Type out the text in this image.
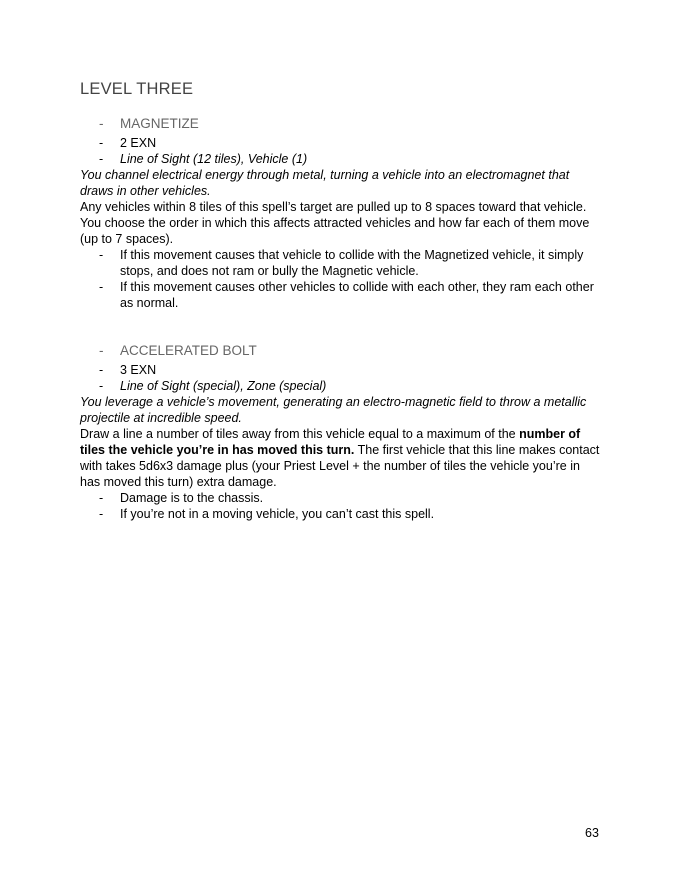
LEVEL THREE
- MAGNETIZE
- 2 EXN
- Line of Sight (12 tiles), Vehicle (1)

You channel electrical energy through metal, turning a vehicle into an electromagnet that draws in other vehicles.

Any vehicles within 8 tiles of this spell’s target are pulled up to 8 spaces toward that vehicle. You choose the order in which this affects attracted vehicles and how far each of them move (up to 7 spaces).

- If this movement causes that vehicle to collide with the Magnetized vehicle, it simply stops, and does not ram or bully the Magnetic vehicle.
- If this movement causes other vehicles to collide with each other, they ram each other as normal.
- ACCELERATED BOLT
- 3 EXN
- Line of Sight (special), Zone (special)

You leverage a vehicle’s movement, generating an electro-magnetic field to throw a metallic projectile at incredible speed.

Draw a line a number of tiles away from this vehicle equal to a maximum of the number of tiles the vehicle you’re in has moved this turn. The first vehicle that this line makes contact with takes 5d6x3 damage plus (your Priest Level + the number of tiles the vehicle you’re in has moved this turn) extra damage.

- Damage is to the chassis.
- If you’re not in a moving vehicle, you can’t cast this spell.
63
